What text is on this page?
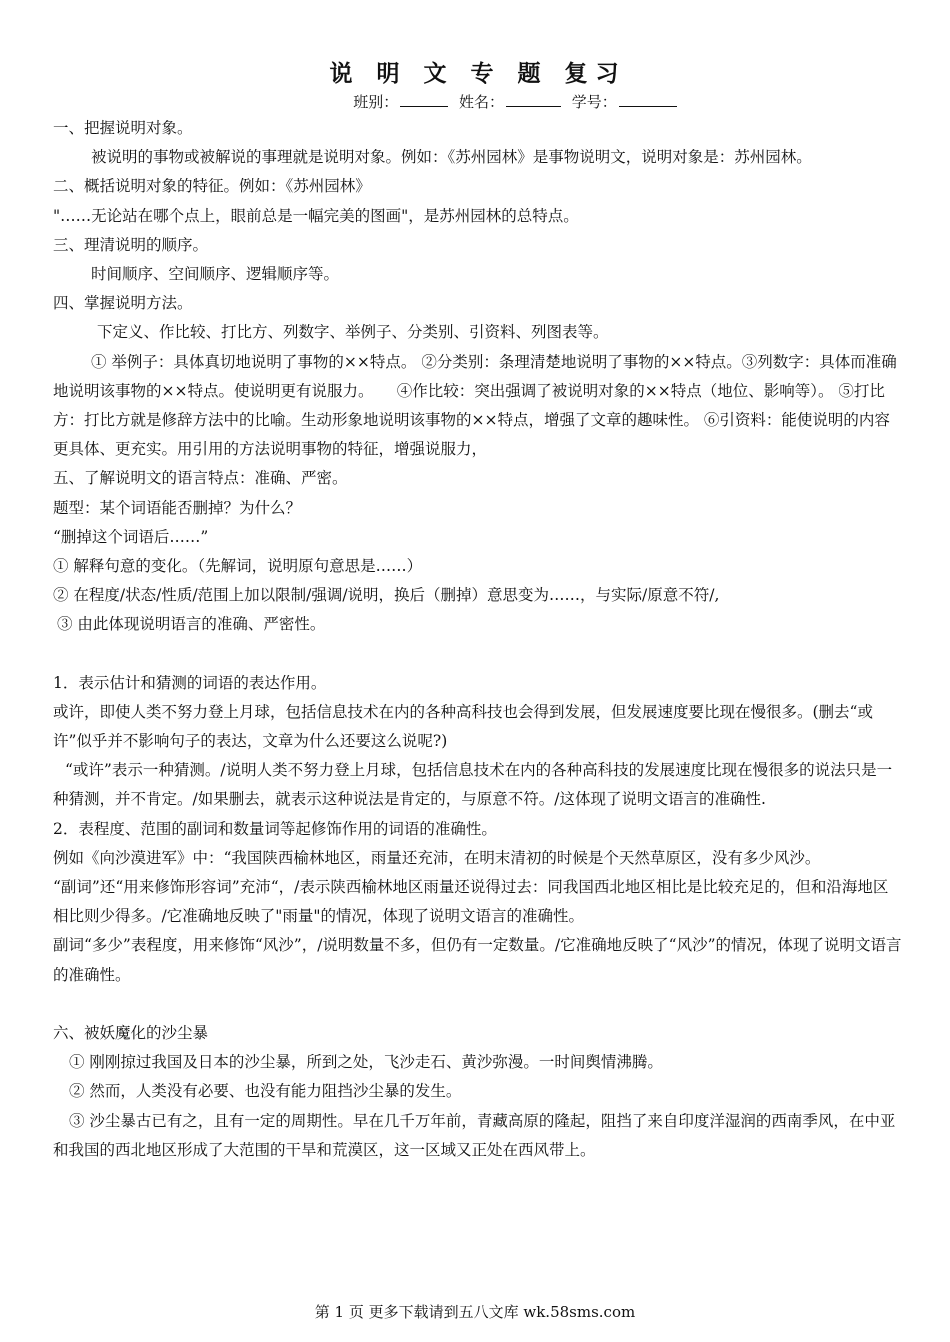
说 明 文 专 题 复习
班别：	姓名：	学号：

一、把握说明对象。

被说明的事物或被解说的事理就是说明对象。例如：《苏州园林》是事物说明文，说明对象是：苏州园林。

二、概括说明对象的特征。例如：《苏州园林》

"……无论站在哪个点上，眼前总是一幅完美的图画"，是苏州园林的总特点。

三、理清说明的顺序。

时间顺序、空间顺序、逻辑顺序等。

四、掌握说明方法。

下定义、作比较、打比方、列数字、举例子、分类别、引资料、列图表等。

① 举例子：具体真切地说明了事物的××特点。 ②分类别：条理清楚地说明了事物的××特点。③列数字：具体而准确地说明该事物的××特点。使说明更有说服力。　　④作比较：突出强调了被说明对象的××特点（地位、影响等）。 ⑤打比方：打比方就是修辞方法中的比喻。生动形象地说明该事物的××特点，增强了文章的趣味性。 ⑥引资料：能使说明的内容更具体、更充实。用引用的方法说明事物的特征，增强说服力，

五、了解说明文的语言特点：准确、严密。

题型：某个词语能否删掉？为什么？

“删掉这个词语后……”

① 解释句意的变化。（先解词，说明原句意思是……）

② 在程度/状态/性质/范围上加以限制/强调/说明，换后（删掉）意思变为……，与实际/原意不符/,

③ 由此体现说明语言的准确、严密性。

1．表示估计和猜测的词语的表达作用。

或许，即使人类不努力登上月球，包括信息技术在内的各种高科技也会得到发展，但发展速度要比现在慢很多。(删去“或许”似乎并不影响句子的表达，文章为什么还要这么说呢?)

“或许”表示一种猜测。/说明人类不努力登上月球，包括信息技术在内的各种高科技的发展速度比现在慢很多的说法只是一种猜测，并不肯定。/如果删去，就表示这种说法是肯定的，与原意不符。/这体现了说明文语言的准确性.

2．表程度、范围的副词和数量词等起修饰作用的词语的准确性。

例如《向沙漠进军》中：“我国陕西榆林地区，雨量还充沛，在明末清初的时候是个天然草原区，没有多少风沙。

“副词”还“用来修饰形容词”充沛“，/表示陕西榆林地区雨量还说得过去：同我国西北地区相比是比较充足的，但和沿海地区相比则少得多。/它准确地反映了"雨量"的情况，体现了说明文语言的准确性。

副词“多少”表程度，用来修饰“风沙”，/说明数量不多，但仍有一定数量。/它准确地反映了“风沙”的情况，体现了说明文语言的准确性。

六、被妖魔化的沙尘暴

① 刚刚掠过我国及日本的沙尘暴，所到之处，飞沙走石、黄沙弥漫。一时间舆情沸腾。

② 然而，人类没有必要、也没有能力阻挡沙尘暴的发生。

③ 沙尘暴古已有之，且有一定的周期性。早在几千万年前，青藏高原的隆起，阻挡了来自印度洋湿润的西南季风，在中亚和我国的西北地区形成了大范围的干旱和荒漠区，这一区域又正处在西风带上。

第 1 页 更多下载请到五八文库 wk.58sms.com
